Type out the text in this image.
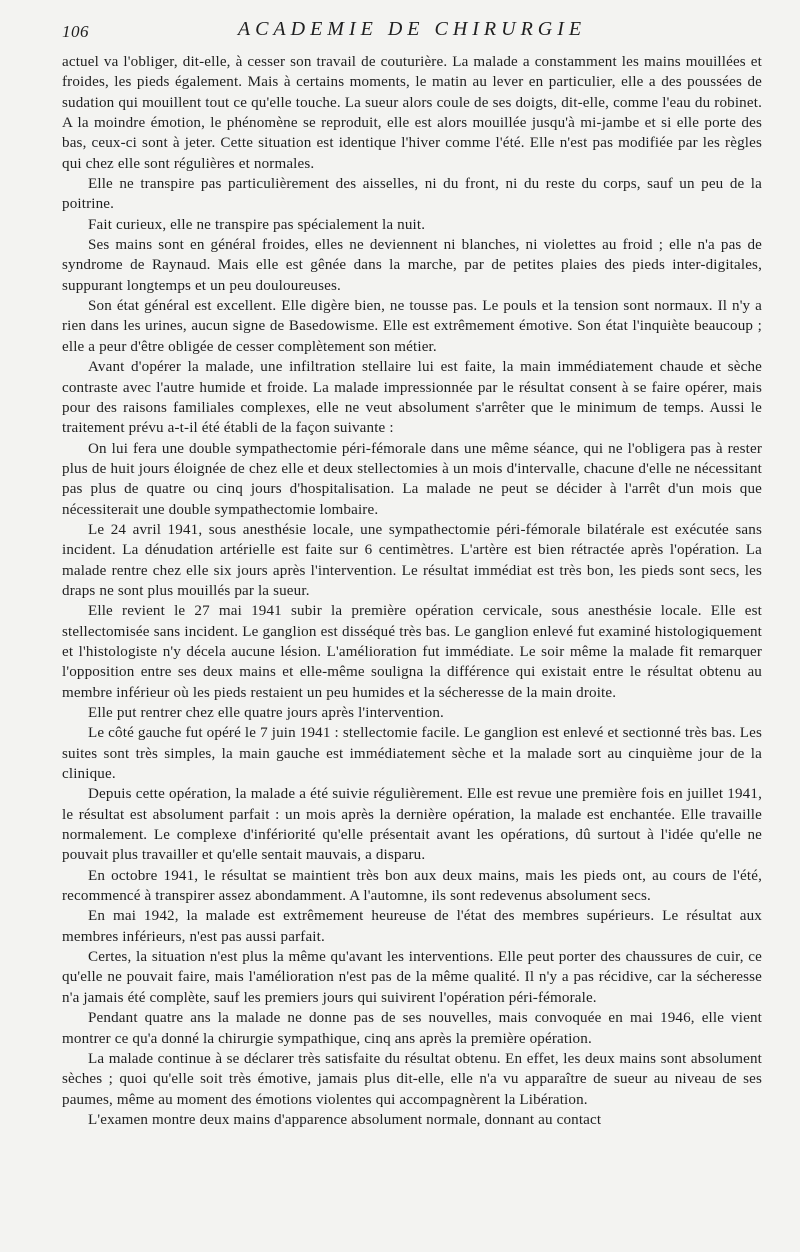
106	ACADEMIE DE CHIRURGIE

actuel va l'obliger, dit-elle, à cesser son travail de couturière. La malade a constamment les mains mouillées et froides, les pieds également. Mais à certains moments, le matin au lever en particulier, elle a des poussées de sudation qui mouillent tout ce qu'elle touche. La sueur alors coule de ses doigts, dit-elle, comme l'eau du robinet. A la moindre émotion, le phénomène se reproduit, elle est alors mouillée jusqu'à mi-jambe et si elle porte des bas, ceux-ci sont à jeter. Cette situation est identique l'hiver comme l'été. Elle n'est pas modifiée par les règles qui chez elle sont régulières et normales.

Elle ne transpire pas particulièrement des aisselles, ni du front, ni du reste du corps, sauf un peu de la poitrine.

Fait curieux, elle ne transpire pas spécialement la nuit.

Ses mains sont en général froides, elles ne deviennent ni blanches, ni violettes au froid ; elle n'a pas de syndrome de Raynaud. Mais elle est gênée dans la marche, par de petites plaies des pieds inter-digitales, suppurant longtemps et un peu douloureuses.

Son état général est excellent. Elle digère bien, ne tousse pas. Le pouls et la tension sont normaux. Il n'y a rien dans les urines, aucun signe de Basedowisme. Elle est extrêmement émotive. Son état l'inquiète beaucoup ; elle a peur d'être obligée de cesser complètement son métier.

Avant d'opérer la malade, une infiltration stellaire lui est faite, la main immédiatement chaude et sèche contraste avec l'autre humide et froide. La malade impressionnée par le résultat consent à se faire opérer, mais pour des raisons familiales complexes, elle ne veut absolument s'arrêter que le minimum de temps. Aussi le traitement prévu a-t-il été établi de la façon suivante :

On lui fera une double sympathectomie péri-fémorale dans une même séance, qui ne l'obligera pas à rester plus de huit jours éloignée de chez elle et deux stellectomies à un mois d'intervalle, chacune d'elle ne nécessitant pas plus de quatre ou cinq jours d'hospitalisation. La malade ne peut se décider à l'arrêt d'un mois que nécessiterait une double sympathectomie lombaire.

Le 24 avril 1941, sous anesthésie locale, une sympathectomie péri-fémorale bilatérale est exécutée sans incident. La dénudation artérielle est faite sur 6 centimètres. L'artère est bien rétractée après l'opération. La malade rentre chez elle six jours après l'intervention. Le résultat immédiat est très bon, les pieds sont secs, les draps ne sont plus mouillés par la sueur.

Elle revient le 27 mai 1941 subir la première opération cervicale, sous anesthésie locale. Elle est stellectomisée sans incident. Le ganglion est disséqué très bas. Le ganglion enlevé fut examiné histologiquement et l'histologiste n'y décela aucune lésion. L'amélioration fut immédiate. Le soir même la malade fit remarquer l'opposition entre ses deux mains et elle-même souligna la différence qui existait entre le résultat obtenu au membre inférieur où les pieds restaient un peu humides et la sécheresse de la main droite.

Elle put rentrer chez elle quatre jours après l'intervention.

Le côté gauche fut opéré le 7 juin 1941 : stellectomie facile. Le ganglion est enlevé et sectionné très bas. Les suites sont très simples, la main gauche est immédiatement sèche et la malade sort au cinquième jour de la clinique.

Depuis cette opération, la malade a été suivie régulièrement. Elle est revue une première fois en juillet 1941, le résultat est absolument parfait : un mois après la dernière opération, la malade est enchantée. Elle travaille normalement. Le complexe d'infériorité qu'elle présentait avant les opérations, dû surtout à l'idée qu'elle ne pouvait plus travailler et qu'elle sentait mauvais, a disparu.

En octobre 1941, le résultat se maintient très bon aux deux mains, mais les pieds ont, au cours de l'été, recommencé à transpirer assez abondamment. A l'automne, ils sont redevenus absolument secs.

En mai 1942, la malade est extrêmement heureuse de l'état des membres supérieurs. Le résultat aux membres inférieurs, n'est pas aussi parfait.

Certes, la situation n'est plus la même qu'avant les interventions. Elle peut porter des chaussures de cuir, ce qu'elle ne pouvait faire, mais l'amélioration n'est pas de la même qualité. Il n'y a pas récidive, car la sécheresse n'a jamais été complète, sauf les premiers jours qui suivirent l'opération péri-fémorale.

Pendant quatre ans la malade ne donne pas de ses nouvelles, mais convoquée en mai 1946, elle vient montrer ce qu'a donné la chirurgie sympathique, cinq ans après la première opération.

La malade continue à se déclarer très satisfaite du résultat obtenu. En effet, les deux mains sont absolument sèches ; quoi qu'elle soit très émotive, jamais plus dit-elle, elle n'a vu apparaître de sueur au niveau de ses paumes, même au moment des émotions violentes qui accompagnèrent la Libération.

L'examen montre deux mains d'apparence absolument normale, donnant au contact
